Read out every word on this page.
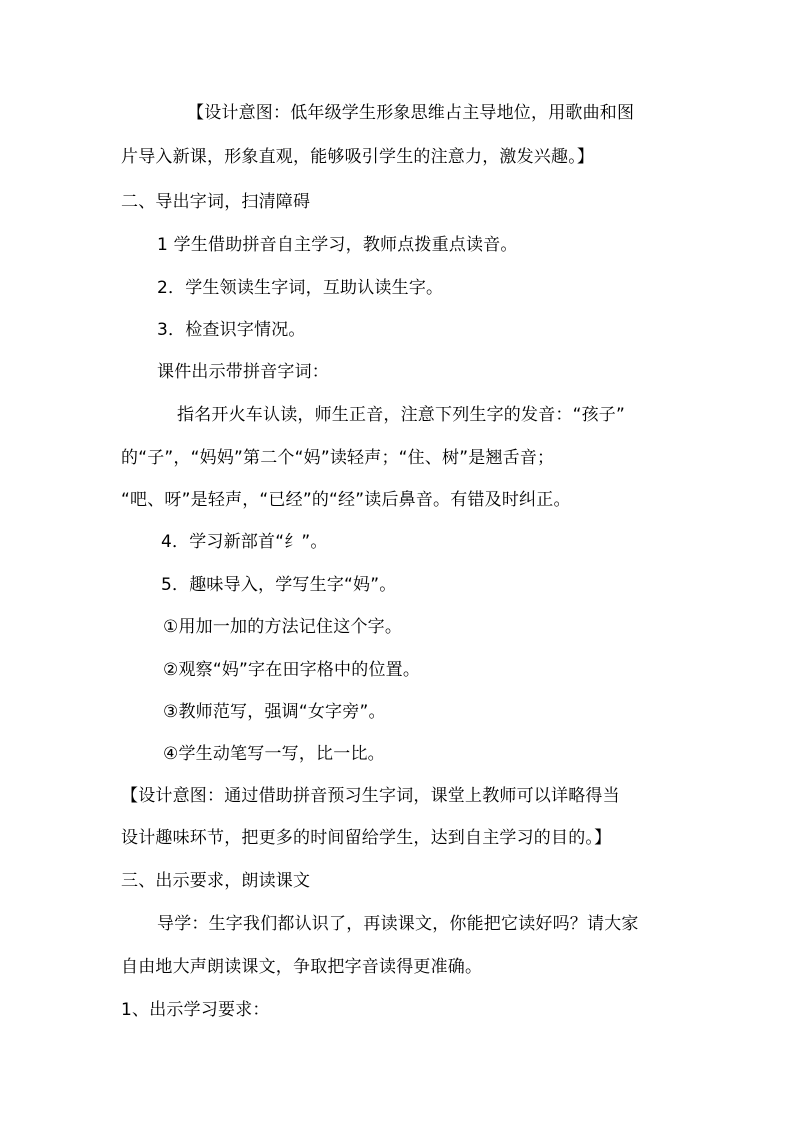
【设计意图：低年级学生形象思维占主导地位，用歌曲和图
片导入新课，形象直观，能够吸引学生的注意力，激发兴趣。】
二、导出字词，扫清障碍
1 学生借助拼音自主学习，教师点拨重点读音。
2．学生领读生字词，互助认读生字。
3．检查识字情况。
课件出示带拼音字词：
指名开火车认读，师生正音，注意下列生字的发音：“孩子”
的“子”，“妈妈”第二个“妈”读轻声；“住、树”是翘舌音；
“吧、呀”是轻声，“已经”的“经”读后鼻音。有错及时纠正。
4．学习新部首“纟”。
5．趣味导入，学写生字“妈”。
①用加一加的方法记住这个字。
②观察“妈”字在田字格中的位置。
③教师范写，强调“女字旁”。
④学生动笔写一写，比一比。
【设计意图：通过借助拼音预习生字词，课堂上教师可以详略得当
设计趣味环节，把更多的时间留给学生，达到自主学习的目的。】
三、出示要求，朗读课文
导学：生字我们都认识了，再读课文，你能把它读好吗？请大家
自由地大声朗读课文，争取把字音读得更准确。
1、出示学习要求：
